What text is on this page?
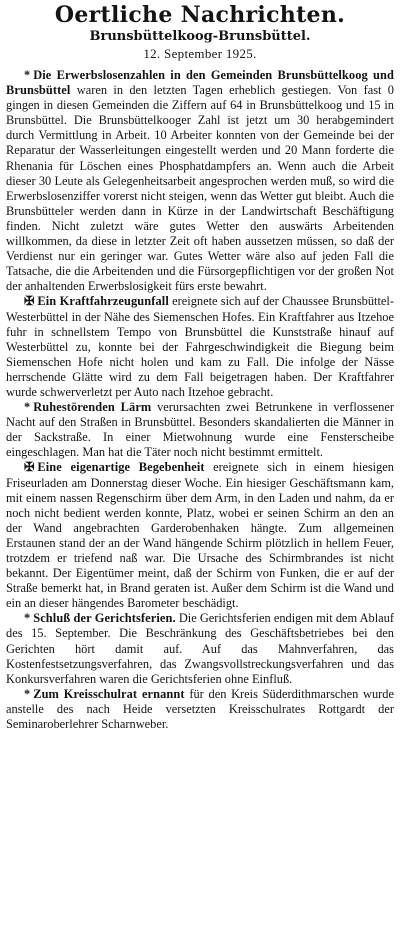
Oertliche Nachrichten.
Brunsbüttelkoog-Brunsbüttel.
12. September 1925.

* Die Erwerbslosenzahlen in den Gemeinden Brunsbüttelkoog und Brunsbüttel waren in den letzten Tagen erheblich gestiegen. Von fast 0 gingen in diesen Gemeinden die Ziffern auf 64 in Brunsbüttelkoog und 15 in Brunsbüttel. Die Brunsbüttelkooger Zahl ist jetzt um 30 herabgemindert durch Vermittlung in Arbeit. 10 Arbeiter konnten von der Gemeinde bei der Reparatur der Wasserleitungen eingestellt werden und 20 Mann forderte die Rhenania für Löschen eines Phosphatdampfers an. Wenn auch die Arbeit dieser 30 Leute als Gelegenheitsarbeit angesprochen werden muß, so wird die Erwerbslosenziffer vorerst nicht steigen, wenn das Wetter gut bleibt. Auch die Brunsbütteler werden dann in Kürze in der Landwirtschaft Beschäftigung finden. Nicht zuletzt wäre gutes Wetter den auswärts Arbeitenden willkommen, da diese in letzter Zeit oft haben aussetzen müssen, so daß der Verdienst nur ein geringer war. Gutes Wetter wäre also auf jeden Fall die Tatsache, die die Arbeitenden und die Fürsorgepflichtigen vor der großen Not der anhaltenden Erwerbslosigkeit fürs erste bewahrt.

✠ Ein Kraftfahrzeugunfall ereignete sich auf der Chaussee Brunsbüttel-Westerbüttel in der Nähe des Siemenschen Hofes. Ein Kraftfahrer aus Itzehoe fuhr in schnellstem Tempo von Brunsbüttel die Kunststraße hinauf auf Westerbüttel zu, konnte bei der Fahrgeschwindigkeit die Biegung beim Siemenschen Hofe nicht holen und kam zu Fall. Die infolge der Nässe herrschende Glätte wird zu dem Fall beigetragen haben. Der Kraftfahrer wurde schwerverletzt per Auto nach Itzehoe gebracht.

* Ruhestörenden Lärm verursachten zwei Betrunkene in verflossener Nacht auf den Straßen in Brunsbüttel. Besonders skandalierten die Männer in der Sackstraße. In einer Mietwohnung wurde eine Fensterscheibe eingeschlagen. Man hat die Täter noch nicht bestimmt ermittelt.

✠ Eine eigenartige Begebenheit ereignete sich in einem hiesigen Friseurladen am Donnerstag dieser Woche. Ein hiesiger Geschäftsmann kam, mit einem nassen Regenschirm über dem Arm, in den Laden und nahm, da er noch nicht bedient werden konnte, Platz, wobei er seinen Schirm an den an der Wand angebrachten Garderobenhaken hängte. Zum allgemeinen Erstaunen stand der an der Wand hängende Schirm plötzlich in hellem Feuer, trotzdem er triefend naß war. Die Ursache des Schirmbrandes ist nicht bekannt. Der Eigentümer meint, daß der Schirm von Funken, die er auf der Straße bemerkt hat, in Brand geraten ist. Außer dem Schirm ist die Wand und ein an dieser hängendes Barometer beschädigt.

* Schluß der Gerichtsferien. Die Gerichtsferien endigen mit dem Ablauf des 15. September. Die Beschränkung des Geschäftsbetriebes bei den Gerichten hört damit auf. Auf das Mahnverfahren, das Kostenfestsetzungsverfahren, das Zwangsvollstreckungsverfahren und das Konkursverfahren waren die Gerichtsferien ohne Einfluß.

* Zum Kreisschulrat ernannt für den Kreis Süderdithmarschen wurde anstelle des nach Heide versetzten Kreisschulrates Rottgardt der Seminaroberlehrer Scharnweber.
